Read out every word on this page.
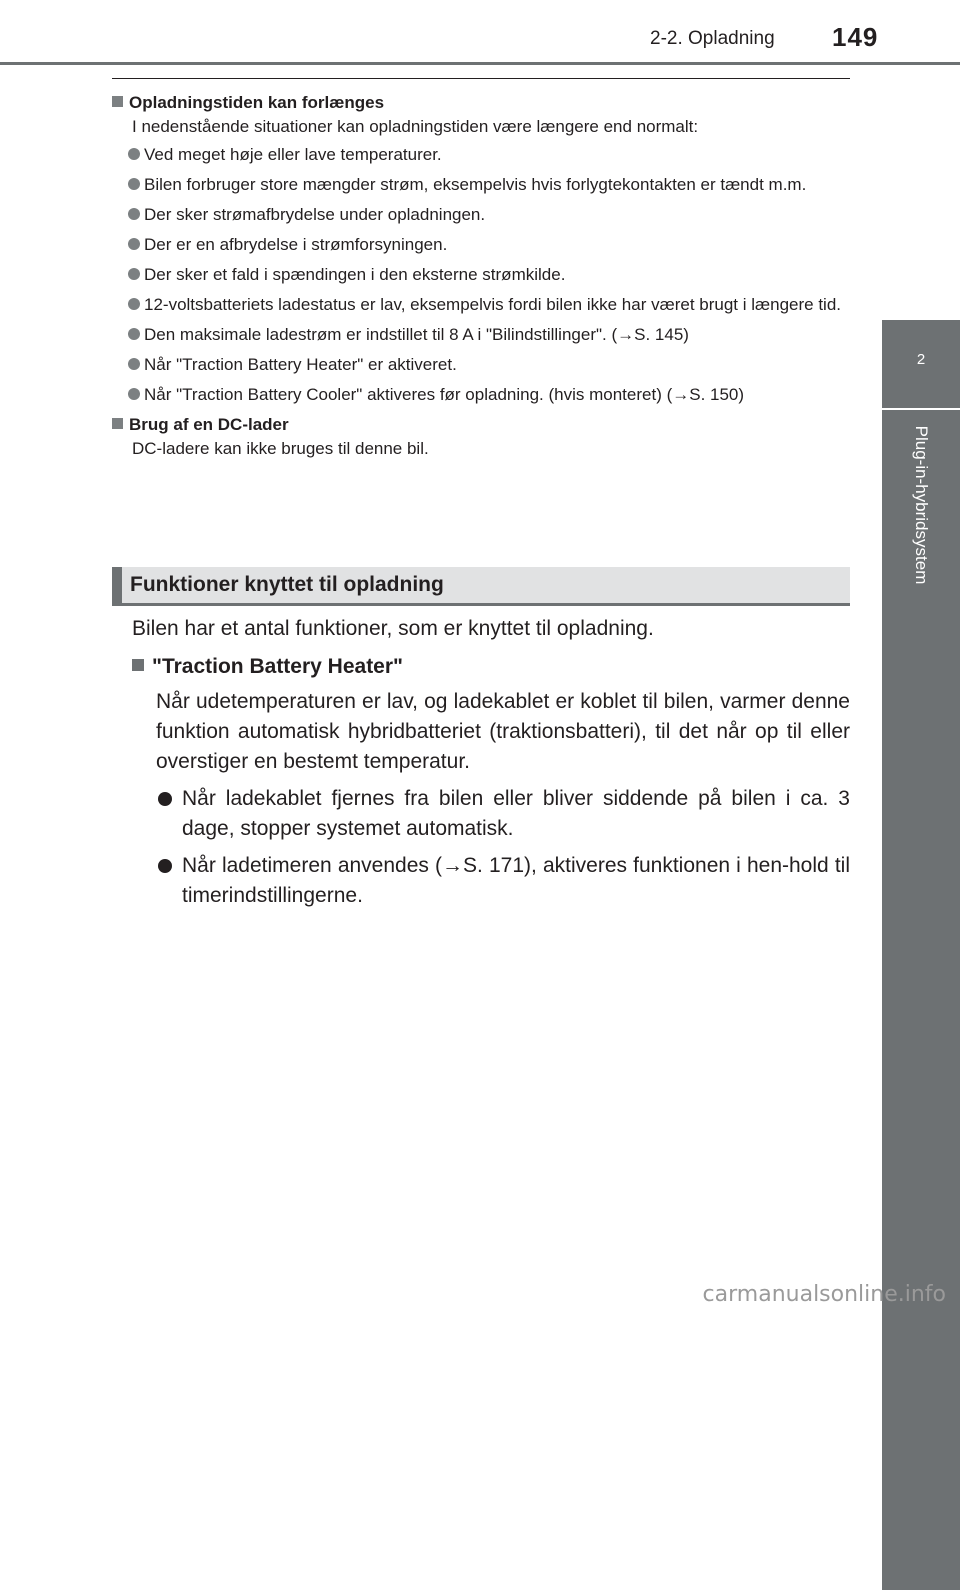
2-2. Opladning 149
2
Plug-in-hybridsystem
Opladningstiden kan forlænges
I nedenstående situationer kan opladningstiden være længere end normalt:
Ved meget høje eller lave temperaturer.
Bilen forbruger store mængder strøm, eksempelvis hvis forlygtekontakten er tændt m.m.
Der sker strømafbrydelse under opladningen.
Der er en afbrydelse i strømforsyningen.
Der sker et fald i spændingen i den eksterne strømkilde.
12-voltsbatteriets ladestatus er lav, eksempelvis fordi bilen ikke har været brugt i længere tid.
Den maksimale ladestrøm er indstillet til 8 A i "Bilindstillinger". (→S. 145)
Når "Traction Battery Heater" er aktiveret.
Når "Traction Battery Cooler" aktiveres før opladning. (hvis monteret) (→S. 150)
Brug af en DC-lader
DC-ladere kan ikke bruges til denne bil.
Funktioner knyttet til opladning
Bilen har et antal funktioner, som er knyttet til opladning.
"Traction Battery Heater"
Når udetemperaturen er lav, og ladekablet er koblet til bilen, varmer denne funktion automatisk hybridbatteriet (traktionsbatteri), til det når op til eller overstiger en bestemt temperatur.
Når ladekablet fjernes fra bilen eller bliver siddende på bilen i ca. 3 dage, stopper systemet automatisk.
Når ladetimeren anvendes (→S. 171), aktiveres funktionen i hen-hold til timerindstillingerne.
carmanualsonline.info
